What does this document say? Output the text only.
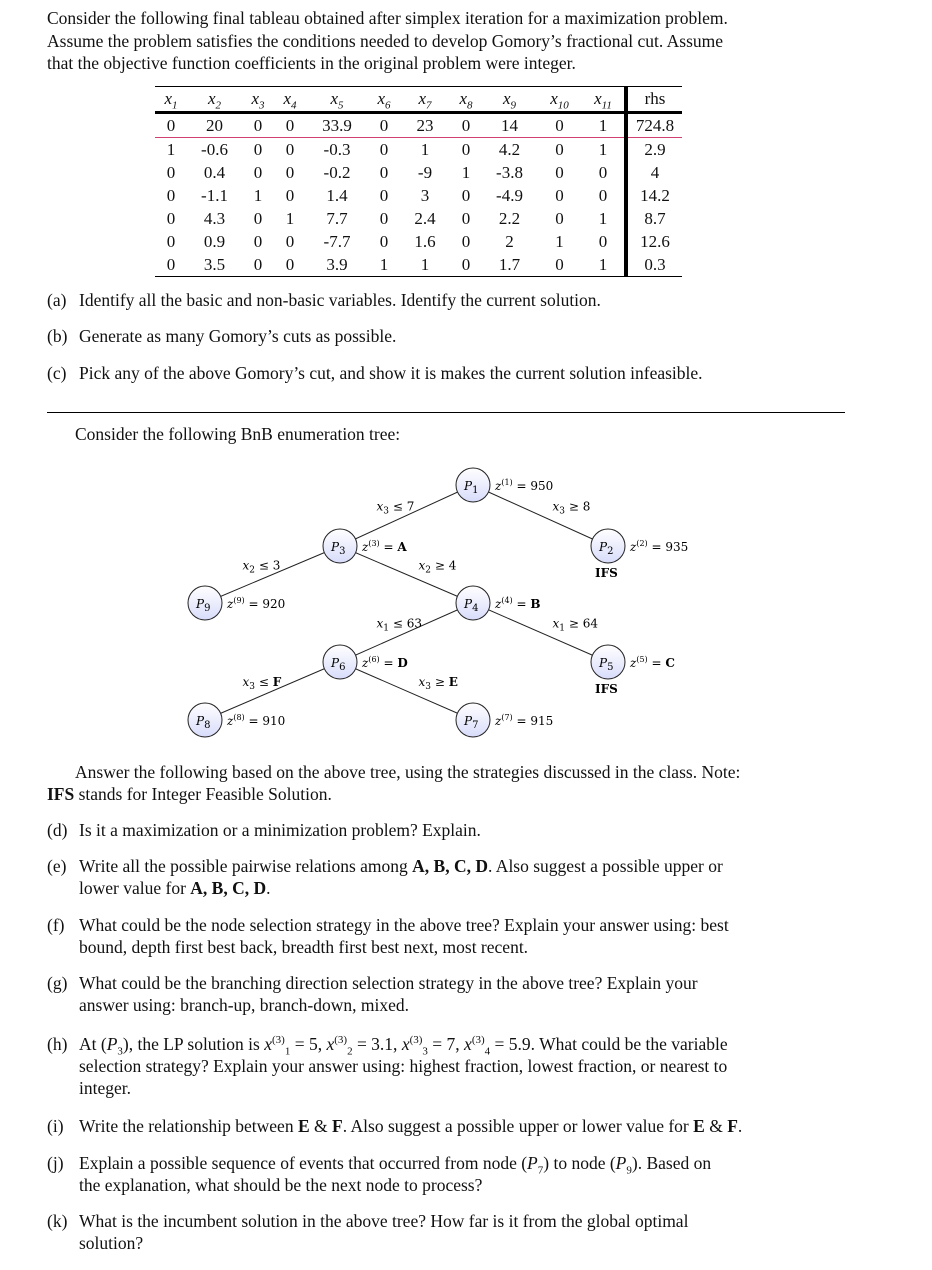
Consider the following final tableau obtained after simplex iteration for a maximization problem.
Assume the problem satisfies the conditions needed to develop Gomory’s fractional cut. Assume
that the objective function coefficients in the original problem were integer.
$x_1$	$x_2$	$x_3$	$x_4$	$x_5$	$x_6$	$x_7$	$x_8$	$x_9$	$x_{10}$	$x_{11}$	rhs
0	20	0	0	33.9	0	23	0	14	0	1	724.8
1	-0.6	0	0	-0.3	0	1	0	4.2	0	1	2.9
0	0.4	0	0	-0.2	0	-9	1	-3.8	0	0	4
0	-1.1	1	0	1.4	0	3	0	-4.9	0	0	14.2
0	4.3	0	1	7.7	0	2.4	0	2.2	0	1	8.7
0	0.9	0	0	-7.7	0	1.6	0	2	1	0	12.6
0	3.5	0	0	3.9	1	1	0	1.7	0	1	0.3
(a) Identify all the basic and non-basic variables. Identify the current solution.
(b) Generate as many Gomory’s cuts as possible.
(c) Pick any of the above Gomory’s cut, and show it is makes the current solution infeasible.
Consider the following BnB enumeration tree:
$x_3 \le 7$	$x_3 \ge 8$
$x_2 \le 3$	$x_2 \ge 4$
$x_1 \le 63$	$x_1 \ge 64$
$x_3 \le F$	$x_3 \ge E$
$P_1$ $z^{(1)} = 950$
$P_2$ $z^{(2)} = 935$
IFS
$P_3$ $z^{(3)} = A$
$P_4$ $z^{(4)} = B$
$P_5$ $z^{(5)} = C$
IFS
$P_6$ $z^{(6)} = D$
$P_7$ $z^{(7)} = 915$
$P_8$ $z^{(8)} = 910$
$P_9$ $z^{(9)} = 920$
Answer the following based on the above tree, using the strategies discussed in the class. Note:
IFS stands for Integer Feasible Solution.
(d) Is it a maximization or a minimization problem? Explain.
(e) Write all the possible pairwise relations among A, B, C, D. Also suggest a possible upper or
lower value for A, B, C, D.
(f) What could be the node selection strategy in the above tree? Explain your answer using: best
bound, depth first best back, breadth first best next, most recent.
(g) What could be the branching direction selection strategy in the above tree? Explain your
answer using: branch-up, branch-down, mixed.
(h) At $(P_3)$, the LP solution is $x^{(3)}_1 = 5$, $x^{(3)}_2 = 3.1$, $x^{(3)}_3 = 7$, $x^{(3)}_4 = 5.9$. What could be the variable
selection strategy? Explain your answer using: highest fraction, lowest fraction, or nearest to
integer.
(i) Write the relationship between E & F. Also suggest a possible upper or lower value for E & F.
(j) Explain a possible sequence of events that occurred from node $(P_7)$ to node $(P_9)$. Based on
the explanation, what should be the next node to process?
(k) What is the incumbent solution in the above tree? How far is it from the global optimal
solution?
